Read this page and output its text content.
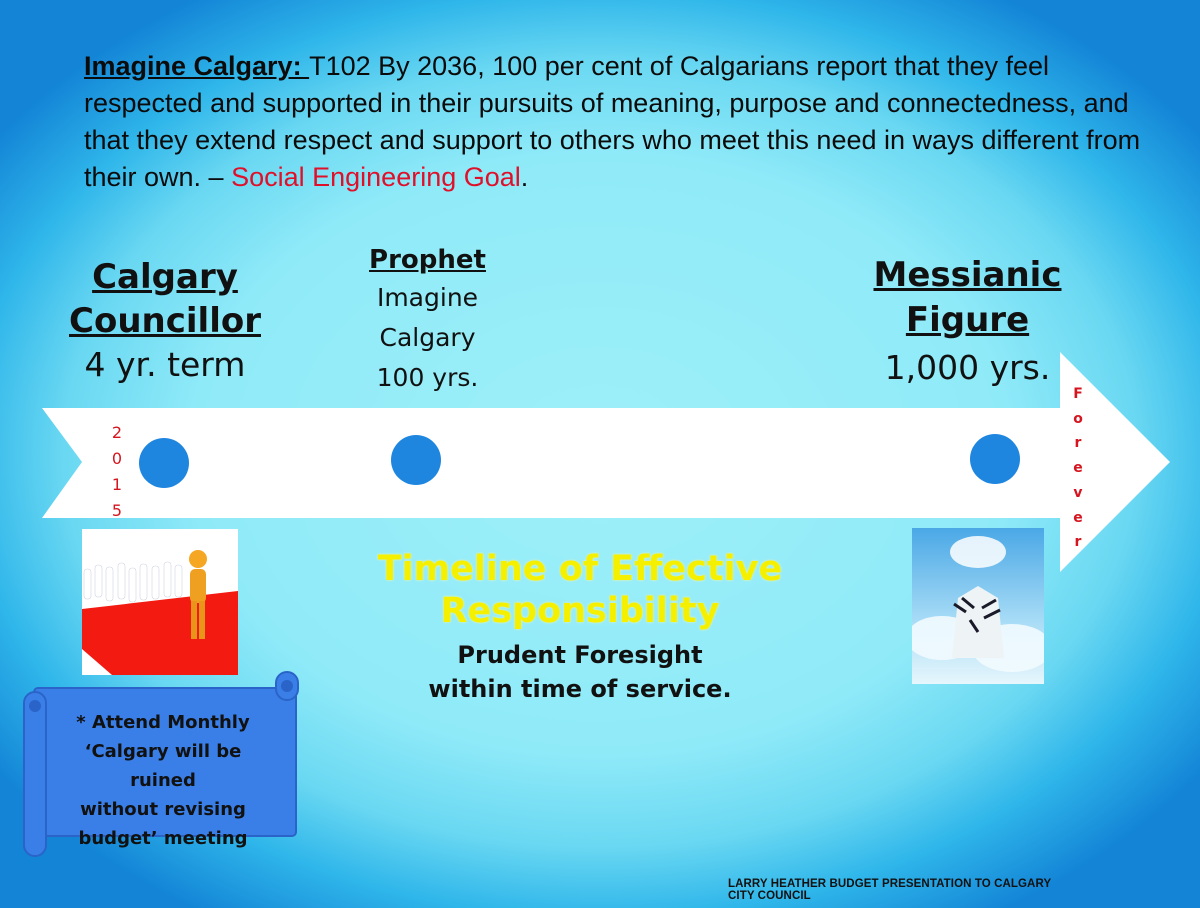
Imagine Calgary: T102 By 2036, 100 per cent of Calgarians report that they feel respected and supported in their pursuits of meaning, purpose and connectedness, and that they extend respect and support to others who meet this need in ways different from their own. – Social Engineering Goal.
Calgary
Councillor
4 yr. term
Prophet
Imagine
Calgary
100 yrs.
Messianic
Figure
1,000 yrs.
2
0
1
5
F
o
r
e
v
e
r
Timeline of Effective
Responsibility
Prudent Foresight
within time of service.
* Attend Monthly
‘Calgary will be ruined
without revising
budget’ meeting
LARRY HEATHER BUDGET PRESENTATION TO CALGARY CITY COUNCIL
